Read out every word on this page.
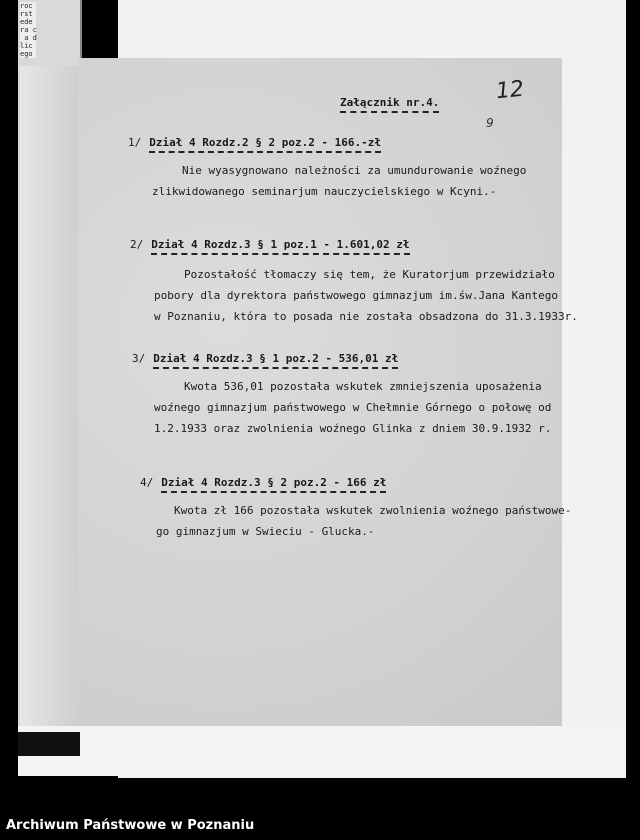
roc
rst
ede
ra c
a d
lic
ego
12
9
Załącznik nr.4.
1/ Dział 4 Rozdz.2 § 2 poz.2 - 166.-zł
Nie wyasygnowano należności za umundurowanie woźnego
zlikwidowanego seminarjum nauczycielskiego w Kcyni.-
2/ Dział 4 Rozdz.3 § 1 poz.1 - 1.601,02 zł
Pozostałość tłomaczy się tem, że Kuratorjum przewidziało
pobory dla dyrektora państwowego gimnazjum im.św.Jana Kantego
w Poznaniu, która to posada nie została obsadzona do 31.3.1933r.
3/ Dział 4 Rozdz.3 § 1 poz.2 - 536,01 zł
Kwota 536,01 pozostała wskutek zmniejszenia uposażenia
woźnego gimnazjum państwowego w Chełmnie Górnego o połowę od
1.2.1933 oraz zwolnienia woźnego Glinka z dniem 30.9.1932 r.
4/ Dział 4 Rozdz.3 § 2 poz.2 - 166 zł
Kwota zł 166 pozostała wskutek zwolnienia woźnego państwowe-
go gimnazjum w Swieciu - Glucka.-
Archiwum Państwowe w Poznaniu
